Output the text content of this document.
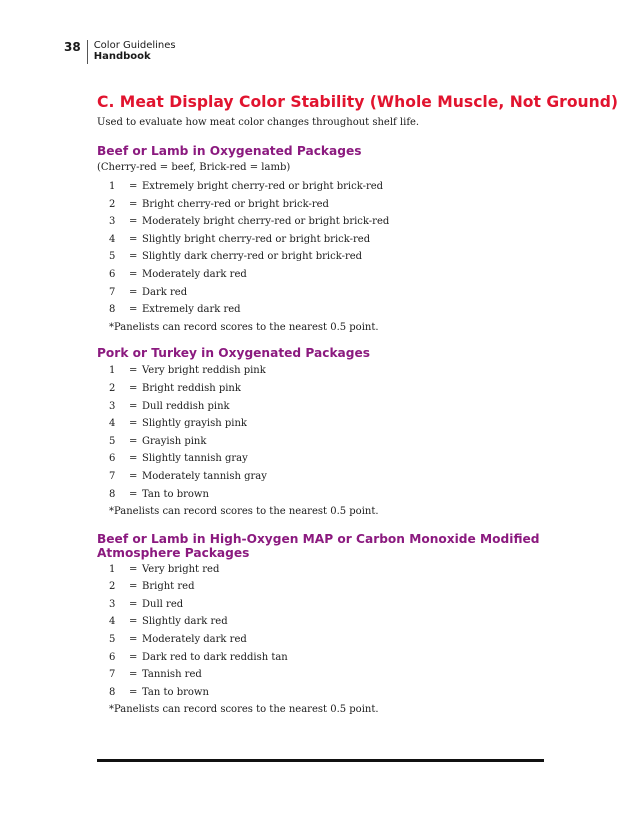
38 Color Guidelines
Handbook
C. Meat Display Color Stability (Whole Muscle, Not Ground)
Used to evaluate how meat color changes throughout shelf life.
Beef or Lamb in Oxygenated Packages
(Cherry-red = beef, Brick-red = lamb)
1	= Extremely bright cherry-red or bright brick-red
2	= Bright cherry-red or bright brick-red
3	= Moderately bright cherry-red or bright brick-red
4	= Slightly bright cherry-red or bright brick-red
5	= Slightly dark cherry-red or bright brick-red
6	= Moderately dark red
7	= Dark red
8	= Extremely dark red
*Panelists can record scores to the nearest 0.5 point.
Pork or Turkey in Oxygenated Packages
1	= Very bright reddish pink
2	= Bright reddish pink
3	= Dull reddish pink
4	= Slightly grayish pink
5	= Grayish pink
6	= Slightly tannish gray
7	= Moderately tannish gray
8	= Tan to brown
*Panelists can record scores to the nearest 0.5 point.
Beef or Lamb in High-Oxygen MAP or Carbon Monoxide Modified
Atmosphere Packages
1	= Very bright red
2	= Bright red
3	= Dull red
4	= Slightly dark red
5	= Moderately dark red
6	= Dark red to dark reddish tan
7	= Tannish red
8	= Tan to brown
*Panelists can record scores to the nearest 0.5 point.
